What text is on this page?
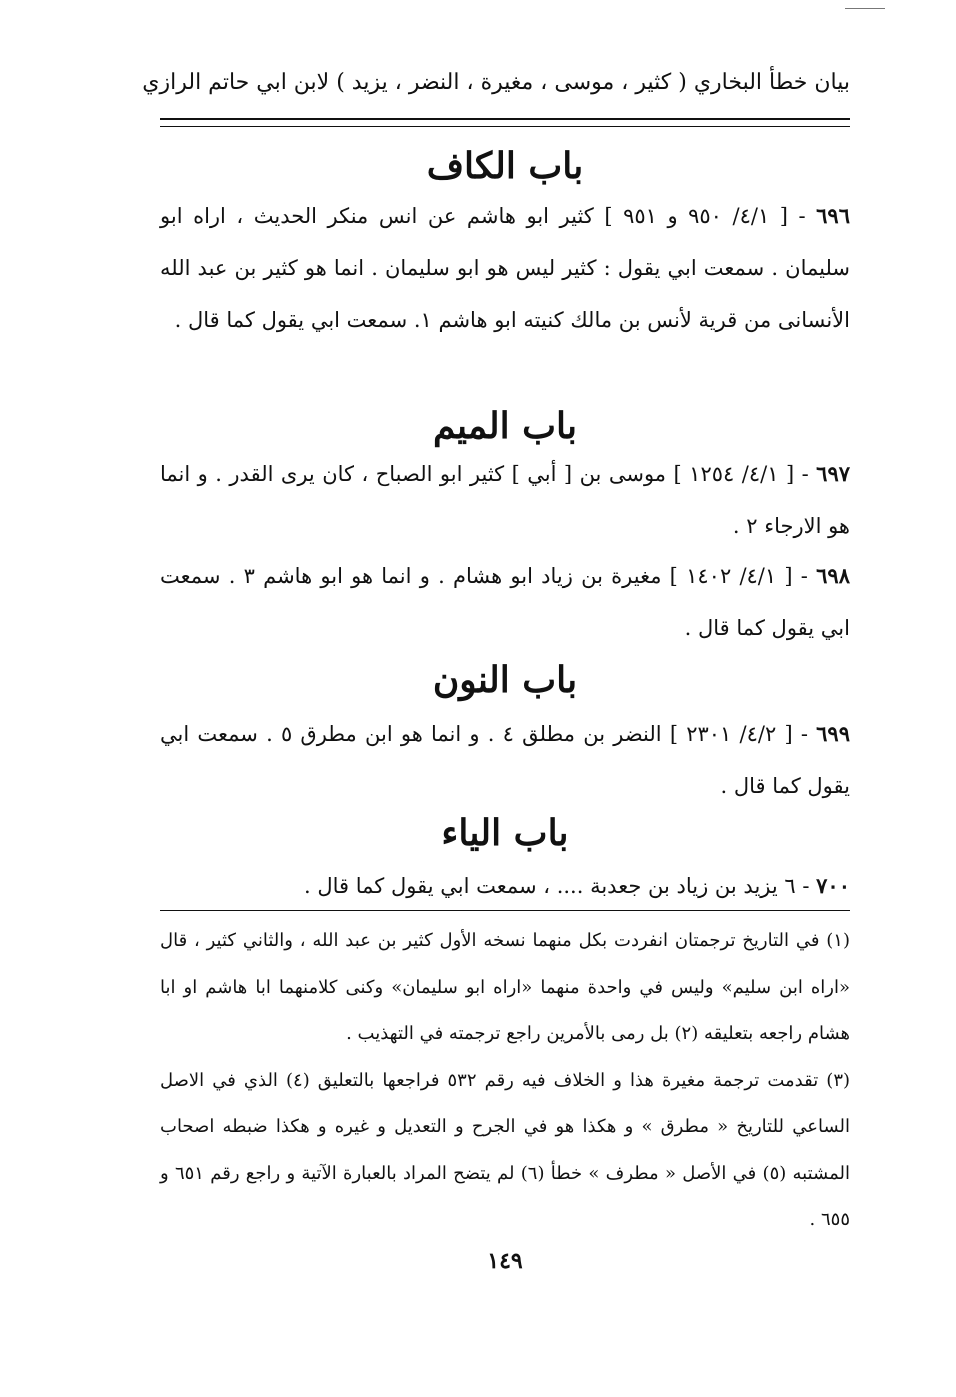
بيان خطأ البخاري ( كثير ، موسى ، مغيرة ، النضر ، يزيد ) لابن ابي حاتم الرازي
باب الكاف
٦٩٦ - [ ٤/١/ ٩٥٠ و ٩٥١ ] كثير ابو هاشم عن انس منكر الحديث ، اراه ابو سليمان . سمعت ابي يقول : كثير ليس هو ابو سليمان . انما هو كثير بن عبد الله الأنسانى من قرية لأنس بن مالك كنيته ابو هاشم ١. سمعت ابي يقول كما قال .
باب الميم
٦٩٧ - [ ٤/١/ ١٢٥٤ ] موسى بن [ أبي ] كثير ابو الصباح ، كان يرى القدر . و انما هو الارجاء ٢ .
٦٩٨ - [ ٤/١/ ١٤٠٢ ] مغيرة بن زياد ابو هشام . و انما هو ابو هاشم ٣ . سمعت ابي يقول كما قال .
باب النون
٦٩٩ - [ ٤/٢/ ٢٣٠١ ] النضر بن مطلق ٤ . و انما هو ابن مطرق ٥ . سمعت ابي يقول كما قال .
باب الياء
٧٠٠ - ٦ يزيد بن زياد بن جعدبة .... ، سمعت ابي يقول كما قال .

(١) في التاريخ ترجمتان انفردت بكل منهما نسخه الأول كثير بن عبد الله ، والثاني كثير ، قال «اراه ابن سليم» وليس في واحدة منهما «اراه ابو سليمان» وكنى كلامنهما ابا هاشم او ابا هشام راجعه بتعليقه (٢) بل رمى بالأمرين راجع ترجمته في التهذيب .

(٣) تقدمت ترجمة مغيرة هذا و الخلاف فيه رقم ٥٣٢ فراجعها بالتعليق (٤) الذي في الاصل الساعي للتاريخ « مطرق » و هكذا هو في الجرح و التعديل و غيره و هكذا ضبطه اصحاب المشتبه (٥) في الأصل « مطرف » خطأ (٦) لم يتضح المراد بالعبارة الآتية و راجع رقم ٦٥١ و ٦٥٥ .

١٤٩
